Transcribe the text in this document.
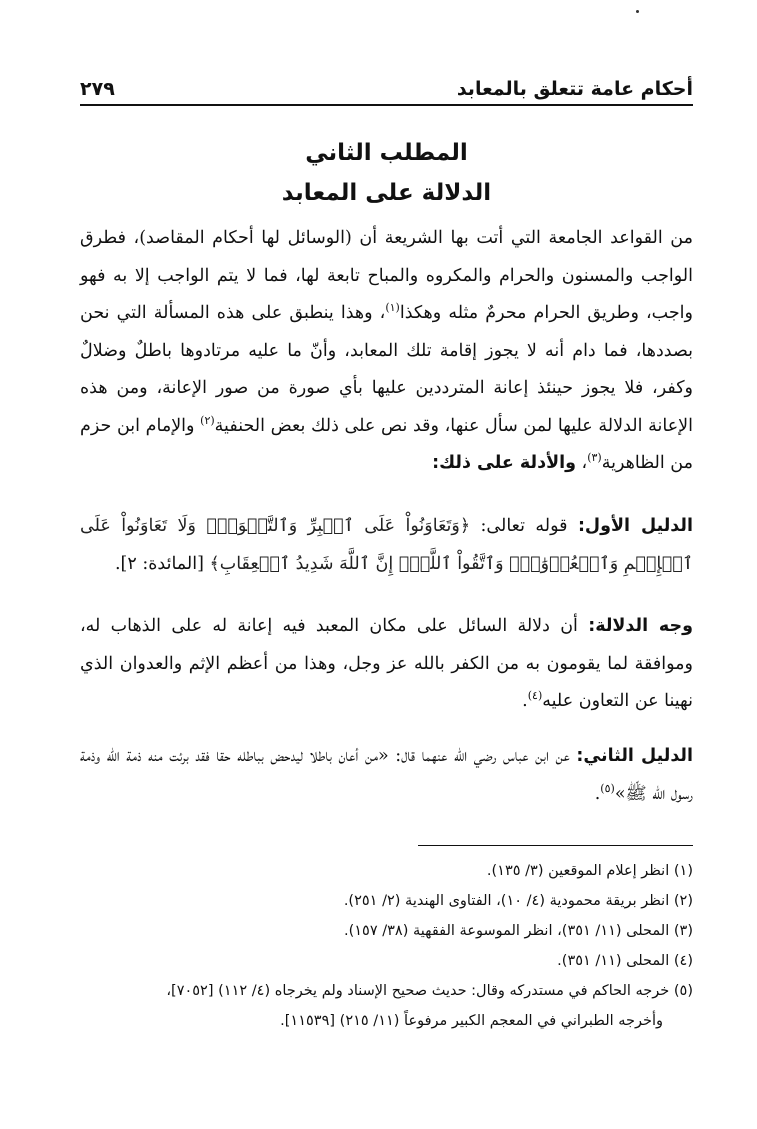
أحكام عامة تتعلق بالمعابد
٢٧٩
المطلب الثاني
الدلالة على المعابد

من القواعد الجامعة التي أتت بها الشريعة أن (الوسائل لها أحكام المقاصد)، فطرق الواجب والمسنون والحرام والمكروه والمباح تابعة لها، فما لا يتم الواجب إلا به فهو واجب، وطريق الحرام محرمٌ مثله وهكذا$^{(١)}$، وهذا ينطبق على هذه المسألة التي نحن بصددها، فما دام أنه لا يجوز إقامة تلك المعابد، وأنّ ما عليه مرتادوها باطلٌ وضلالٌ وكفر، فلا يجوز حينئذ إعانة المترددين عليها بأي صورة من صور الإعانة، ومن هذه الإعانة الدلالة عليها لمن سأل عنها، وقد نص على ذلك بعض الحنفية$^{(٢)}$ والإمام ابن حزم من الظاهرية$^{(٣)}$، والأدلة على ذلك:

الدليل الأول: قوله تعالى: ﴿وَتَعَاوَنُواْ عَلَى ٱلۡبِرِّ وَٱلتَّقۡوَىٰۖ وَلَا تَعَاوَنُواْ عَلَى ٱلۡإِثۡمِ وَٱلۡعُدۡوَٰنِۚ وَٱتَّقُواْ ٱللَّهَۖ إِنَّ ٱللَّهَ شَدِيدُ ٱلۡعِقَابِ﴾ [المائدة: ٢].

وجه الدلالة: أن دلالة السائل على مكان المعبد فيه إعانة له على الذهاب له، وموافقة لما يقومون به من الكفر بالله عز وجل، وهذا من أعظم الإثم والعدوان الذي نهينا عن التعاون عليه$^{(٤)}$.

الدليل الثاني: عن ابن عباس رضي الله عنهما قال: «من أعان باطلا ليدحض بباطله حقا فقد برئت منه ذمة الله وذمة رسول الله ﷺ»$^{(٥)}$.

(١) انظر إعلام الموقعين (٣/ ١٣٥).

(٢) انظر بريقة محمودية (٤/ ١٠)، الفتاوى الهندية (٢/ ٢٥١).

(٣) المحلى (١١/ ٣٥١)، انظر الموسوعة الفقهية (٣٨/ ١٥٧).

(٤) المحلى (١١/ ٣٥١).

(٥) خرجه الحاكم في مستدركه وقال: حديث صحيح الإسناد ولم يخرجاه (٤/ ١١٢) [٧٠٥٢]،
وأخرجه الطبراني في المعجم الكبير مرفوعاً (١١/ ٢١٥) [١١٥٣٩].
